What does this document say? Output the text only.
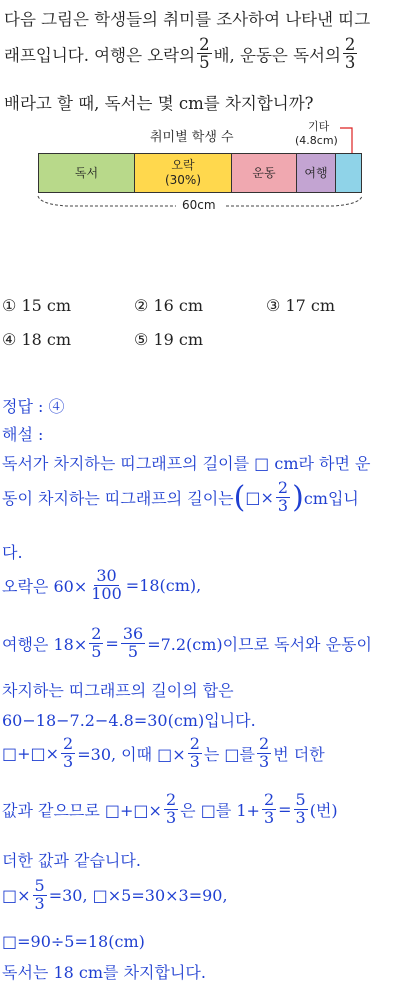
다음 그림은 학생들의 취미를 조사하여 나타낸 띠그
래프입니다. 여행은 오락의 $\frac{2}{5}$ 배, 운동은 독서의 $\frac{2}{3}$
배라고 할 때, 독서는 몇 cm를 차지합니까?
취미별 학생 수
기타
(4.8cm)
독서
오락
(30%)
운동 여행
60cm
① 15 cm	② 16 cm	③ 17 cm
④ 18 cm	⑤ 19 cm
정답 : ④
해설 :
독서가 차지하는 띠그래프의 길이를 □ cm라 하면 운
동이 차지하는 띠그래프의 길이는 ( □× $\frac{2}{3}$ ) cm입니
다.
오락은 $60\times \frac{30}{100} =18(cm)$,
여행은 $18\times \frac{2}{5} = \frac{36}{5} =7.2(cm)$이므로 독서와 운동이
차지하는 띠그래프의 길이의 합은
60−18−7.2−4.8=30(cm)입니다.
□+□× $\frac{2}{3} =30$, 이때 □× $\frac{2}{3}$ 는 □를 $\frac{2}{3}$ 번 더한
값과 같으므로 □+□× $\frac{2}{3}$ 은 □를 $1+ \frac{2}{3} = \frac{5}{3}$ (번)
더한 값과 같습니다.
□× $\frac{5}{3} =30$, □×5=30×3=90,
□=90÷5=18(cm)
독서는 18 cm를 차지합니다.
